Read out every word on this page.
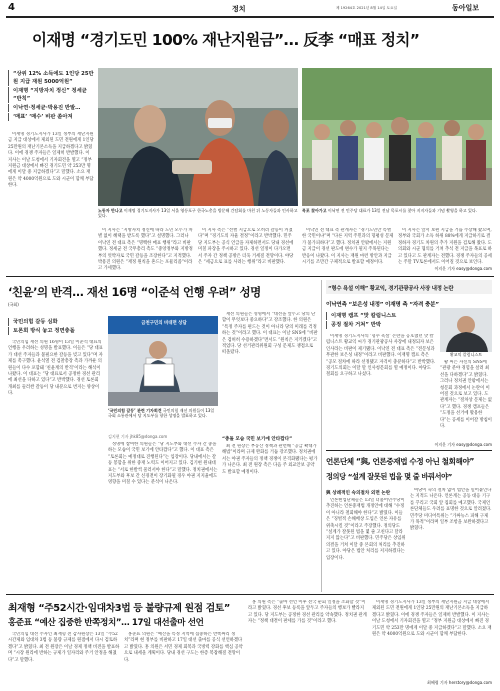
4	정치	제 19264호 2021년 8월 14일 토요일	동아일보
이재명 “경기도민 100% 재난지원금”… 反李 “매표 정치”
“상위 12% 소득에도 1인당 25만원 지급 재원 5000억원”
이재명 “지방자치 정신” 정세균 “반칙”
이낙연·정세균·박용진 반발…
‘매표’ ‘매수’ 비판 쏟아져

이재명 경기도지사가 13일 정부의 재난지원금 지급 대상에서 제외된 도민 전원에게 1인당 25만원의 재난기본소득을 지급하겠다고 밝혔다. 이에 경쟁 주자들은 일제히 반발했다. 이 지사는 이날 도청에서 기자회견을 열고 “정부 지원금 대상에서 빠진 경기도민 약 253만 명에게 이달 중 지급하겠다”고 말했다. 소요 재원은 약 4000억원으로 도와 시군이 함께 부담한다.

노동자 만나고 이재명 경기도지사가 13일 서울 영등포구 한국노총을 방문해 간담회를 마친 뒤 노동자들과 인사하고 있다.
목포 찾아가고 이낙연 전 민주당 대표가 13일 전남 목포시를 찾아 지지자들과 기념 촬영을 하고 있다.

이 지사는 “지방자치 정신에 따라 도민 모두가 차별 없이 혜택을 받도록 했다”고 설명했다. 그러나 이낙연 전 대표 측은 “명백한 매표 행위”라고 비판했다. 정세균 전 국무총리 측도 “중앙정부와 지방정부의 엇박자로 국민 갈등을 조장한다”고 지적했다. 박용진 의원은 “재정 원칙을 흔드는 포퓰리즘”이라고 가세했다.

이 지사 측은 “선별 지급으로 오히려 갈등이 커졌다”며 “경기도의 자율 결정”이라고 반박했다. 민주당 지도부는 공식 언급을 자제하면서도 당내 경선에 미칠 파장을 주시하고 있다. 경선 일정이 다가오면서 주자 간 정책 공방은 더욱 거세질 전망이다. 야당은 “세금으로 표를 사려는 행위”라고 비판했다.

이낙연 전 대표 측 관계자는 “경기도민만 특별한 국민이냐”며 “다른 지역 주민과의 형평성 문제가 불가피하다”고 했다. 정치권 안팎에서는 지원금 지급이 경선 판도에 변수가 될지 주목된다는 반응이 나왔다. 이 지사는 재원 마련 방안과 지급 시기를 조만간 구체적으로 발표할 예정이다.

이 지사는 앞서 보편 지급을 거듭 주장해 왔으며, 정부와 국회가 소득 하위 88%에게 지급하기로 결정하자 경기도 차원의 추가 지원을 검토해 왔다. 도의회와 시군 협의를 거쳐 추석 전 지급을 목표로 하고 있다고 도 관계자는 전했다. 경쟁 주자들의 공세는 주말 TV토론에서도 이어질 것으로 보인다.

이지운 기자 easy@donga.com
‘친윤’의 반격… 재선 16명 “이준석 언행 우려” 성명
(국회)
국민의힘 갈등 심화
토론회 방식 놓고 정면충돌

국민의힘 재선 의원 16명이 13일 이준석 대표의 언행을 우려하는 성명을 발표했다. 이들은 “당 대표가 대선 주자들과 불필요한 갈등을 빚고 있다”며 자제를 촉구했다. 윤석열 전 검찰총장 측과 가까운 의원들이 다수 포함돼 ‘친윤계의 반격’이라는 해석이 나왔다. 이 대표는 “당 대표로서 공정한 경선 관리에 최선을 다하고 있다”고 반박했다. 경선 토론회 개최를 둘러싼 갈등이 당 내분으로 번지는 양상이다.

금천구민의 비대면 상담
‘국민의힘 갈등’ 관련 기자회견 국민의힘 재선 의원들이 13일 국회 소통관에서 당 지도부를 향한 성명을 발표하고 있다.
김지현 기자 jhk85@donga.com

성명에 참여한 의원들은 “당 지도부와 대선 주자 간 충돌하는 모습이 국민 보기에 안타깝다”고 했다. 이 대표 측은 “토론회는 예정대로 진행된다”는 입장이다. 당내에서는 갈등 봉합을 위한 중재 노력도 이어지고 있다. 김기현 원내대표는 “서로 한발씩 물러서야 한다”고 말했다. 정치권에서는 지도부와 후보 간 신경전이 장기화될 경우 야권 지지율에도 영향을 미칠 수 있다는 분석이 나온다.

재선 의원들은 성명에서 “대선을 앞두고 당의 단합이 무엇보다 중요하다”고 강조했다. 한 의원은 “특정 주자를 편드는 것이 아니라 당의 미래를 걱정하는 것”이라고 했다. 이 대표는 이날 SNS에 “비판은 겸허히 수용하겠다”면서도 “원칙은 지키겠다”고 적었다. 당 선거관리위원회 구성 문제도 쟁점으로 떠올랐다.

“충돌 모습 국민 보기에 안타깝다”

최 전 원장은 부동산 정책과 관련해 “공급 확대가 해법”이라며 규제 완화를 거듭 강조했다. 정치권에서는 야권 주자들의 정책 경쟁이 본격화됐다는 평가가 나온다. 최 전 원장 측은 다음 주 외교안보 공약도 발표할 예정이다.

“형수 욕설 이해” 황교익, 경기관광공사 사장 내정 논란
이낙연측 “보은성 내정” 이재명 측 “자격 충분”
이재명 캠프 “맛 칼럼니스트
공정 절차 거쳐” 반박
황교익 칼럼니스트

이재명 경기도지사의 ‘형수 욕설’ 논란을 옹호했던 맛 칼럼니스트 황교익 씨가 경기관광공사 사장에 내정되자 보은 인사라는 비판이 제기됐다. 이낙연 전 대표 측은 “전문성과 무관한 보은성 내정”이라고 비판했다. 이재명 캠프 측은 “공모 절차에 따라 선정됐고 자격이 충분하다”고 반박했다. 경기도의회는 이달 말 인사청문회를 열 예정이다. 야당도 철회를 요구하고 나섰다.

황 씨는 자신의 SNS에 “관광 분야 경험을 살려 최선을 다하겠다”고 밝혔다. 그러나 정치권 안팎에서는 청문회 과정에서 논란이 이어질 것으로 보고 있다. 도 관계자는 “절차상 문제는 없다”고 했다. 경쟁 캠프들은 “도정을 선거에 활용한다”는 공세를 이어갈 방침이다.

이지운 기자 easy@donga.com
언론단체 “與, 언론중재법 수정 아닌 철회해야”
정의당 “설계 잘못된 법을 몇 줄 바꿔서야”
與 상례적인 숙의절차 외면 논란

언론현업단체들은 13일 더불어민주당이 추진하는 언론중재법 개정안에 대해 “수정이 아니라 철회해야 한다”고 밝혔다. 이들은 “징벌적 손해배상 도입은 언론 자유를 위축시킬 것”이라고 주장했다. 정의당도 “설계가 잘못된 법을 몇 줄 고친다고 달라지지 않는다”고 비판했다. 민주당은 상임위 의결을 거쳐 이달 중 본회의 처리를 추진하고 있다. 야당은 법안 처리를 저지하겠다는 입장이다.

여당이 숙의 절차 없이 법안을 밀어붙인다는 지적도 나온다. 언론계는 공동 대응 기구를 꾸리고 국회 앞 집회를 예고했다. 국제언론단체들도 우려를 표명한 것으로 알려졌다. 민주당 미디어특위는 “가짜뉴스 피해 구제가 목적”이라며 일부 조항을 보완하겠다고 밝혔다.

최재형 “주52시간·임대차3법 등 불량규제 원점 검토”
홍준표 “예산 집중한 반쪽정치”… 17일 대선출마 선언

국민의힘 대선 주자인 최재형 전 감사원장은 13일 “주52시간제와 임대차 3법 등 불량 규제를 원점에서 다시 검토하겠다”고 밝혔다. 최 전 원장은 이날 경제 정책 비전을 발표하며 “시장 원리에 반하는 규제가 일자리와 주거 안정을 해쳤다”고 말했다.

홍준표 의원은 “예산을 특정 지역에 집중하는 반쪽짜리 정치”라며 현 정부를 비판하고 17일 대선 출마를 공식 선언하겠다고 밝혔다. 홍 의원은 서민 경제 회복과 국방력 강화를 핵심 공약으로 내세울 계획이다. 당내 경선 구도는 한층 복잡해질 전망이다.

홍 의원 측은 “출마 선언 이후 전국 순회 일정을 소화할 것”이라고 밝혔다. 경선 후보 등록을 앞두고 주자들의 행보가 빨라지고 있다. 당 지도부는 공정한 경선 관리를 약속했다. 정치권 관계자는 “정책 대결이 판세를 가를 것”이라고 했다.

이재명 경기도지사가 13일 정부의 재난지원금 지급 대상에서 제외된 도민 전원에게 1인당 25만원의 재난기본소득을 지급하겠다고 밝혔다. 이에 경쟁 주자들은 일제히 반발했다. 이 지사는 이날 도청에서 기자회견을 열고 “정부 지원금 대상에서 빠진 경기도민 약 253만 명에게 이달 중 지급하겠다”고 말했다. 소요 재원은 약 4000억원으로 도와 시군이 함께 부담한다.

최혜령 기자 herstory@donga.com
